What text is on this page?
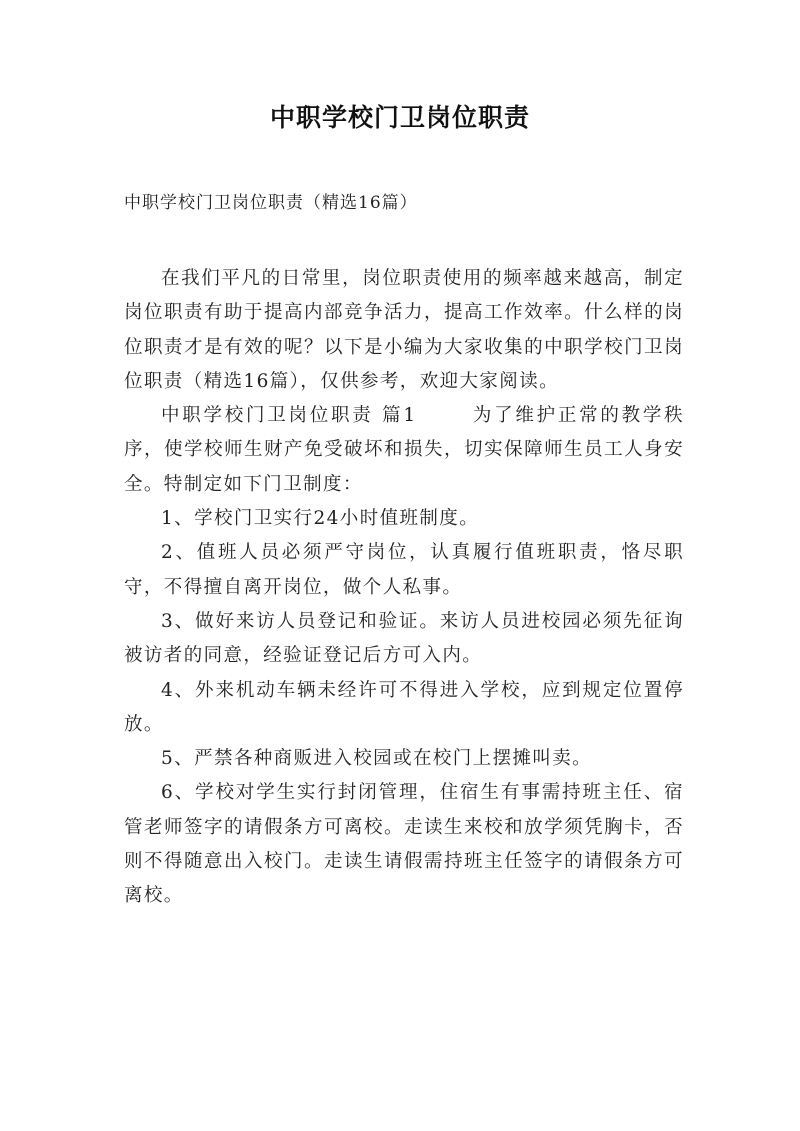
中职学校门卫岗位职责
中职学校门卫岗位职责（精选16篇）

在我们平凡的日常里，岗位职责使用的频率越来越高，制定岗位职责有助于提高内部竞争活力，提高工作效率。什么样的岗位职责才是有效的呢？以下是小编为大家收集的中职学校门卫岗位职责（精选16篇），仅供参考，欢迎大家阅读。

中职学校门卫岗位职责 篇1	为了维护正常的教学秩序，使学校师生财产免受破坏和损失，切实保障师生员工人身安全。特制定如下门卫制度：

1、学校门卫实行24小时值班制度。

2、值班人员必须严守岗位，认真履行值班职责，恪尽职守，不得擅自离开岗位，做个人私事。

3、做好来访人员登记和验证。来访人员进校园必须先征询被访者的同意，经验证登记后方可入内。

4、外来机动车辆未经许可不得进入学校，应到规定位置停放。

5、严禁各种商贩进入校园或在校门上摆摊叫卖。

6、学校对学生实行封闭管理，住宿生有事需持班主任、宿管老师签字的请假条方可离校。走读生来校和放学须凭胸卡，否则不得随意出入校门。走读生请假需持班主任签字的请假条方可离校。
